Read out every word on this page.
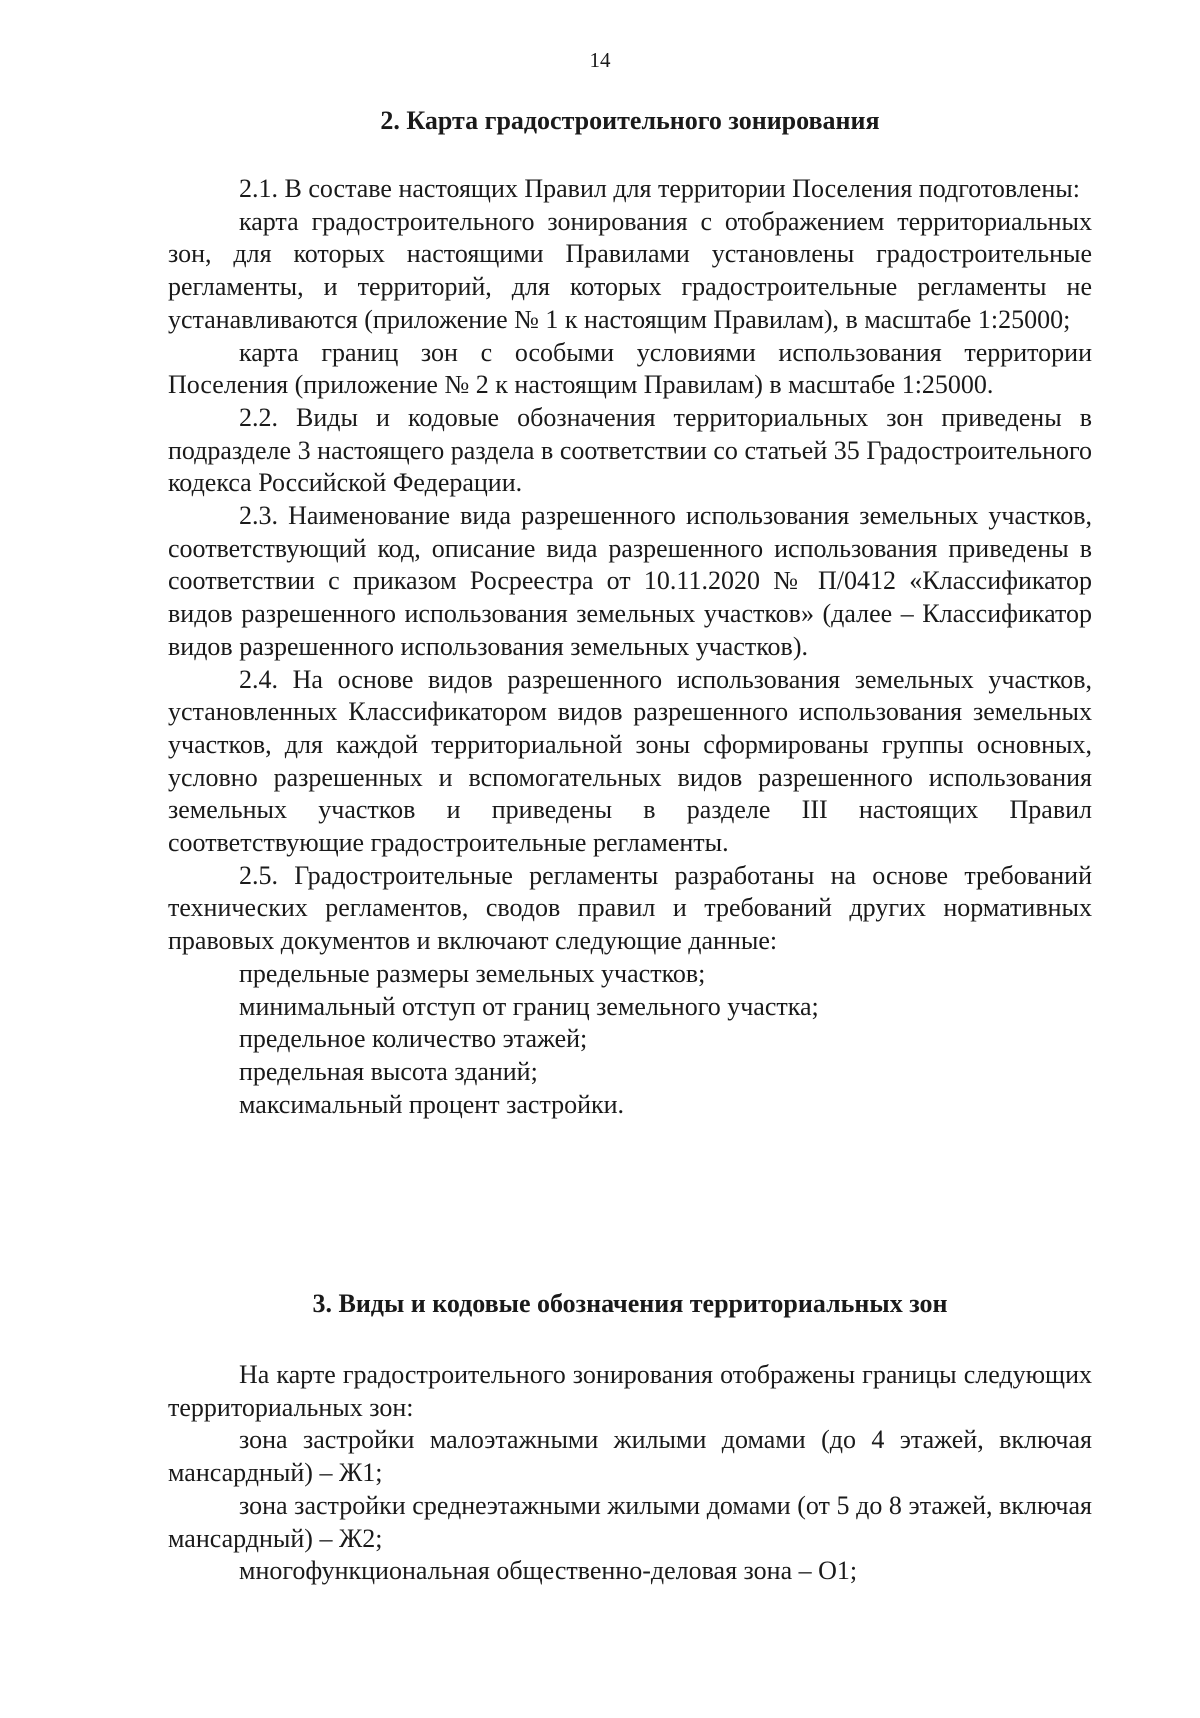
14
2. Карта градостроительного зонирования

2.1. В составе настоящих Правил для территории Поселения подготовлены:

карта градостроительного зонирования с отображением территориальных зон, для которых настоящими Правилами установлены градостроительные регламенты, и территорий, для которых градостроительные регламенты не устанавливаются (приложение № 1 к настоящим Правилам), в масштабе 1:25000;

карта границ зон с особыми условиями использования территории Поселения (приложение № 2 к настоящим Правилам) в масштабе 1:25000.

2.2. Виды и кодовые обозначения территориальных зон приведены в подразделе 3 настоящего раздела в соответствии со статьей 35 Градостроительного кодекса Российской Федерации.

2.3. Наименование вида разрешенного использования земельных участков, соответствующий код, описание вида разрешенного использования приведены в соответствии с приказом Росреестра от 10.11.2020 № П/0412 «Классификатор видов разрешенного использования земельных участков» (далее – Классификатор видов разрешенного использования земельных участков).

2.4. На основе видов разрешенного использования земельных участков, установленных Классификатором видов разрешенного использования земельных участков, для каждой территориальной зоны сформированы группы основных, условно разрешенных и вспомогательных видов разрешенного использования земельных участков и приведены в разделе III настоящих Правил соответствующие градостроительные регламенты.

2.5. Градостроительные регламенты разработаны на основе требований технических регламентов, сводов правил и требований других нормативных правовых документов и включают следующие данные:

предельные размеры земельных участков;

минимальный отступ от границ земельного участка;

предельное количество этажей;

предельная высота зданий;

максимальный процент застройки.

3. Виды и кодовые обозначения территориальных зон

На карте градостроительного зонирования отображены границы следующих территориальных зон:

зона застройки малоэтажными жилыми домами (до 4 этажей, включая мансардный) – Ж1;

зона застройки среднеэтажными жилыми домами (от 5 до 8 этажей, включая мансардный) – Ж2;

многофункциональная общественно-деловая зона – О1;
